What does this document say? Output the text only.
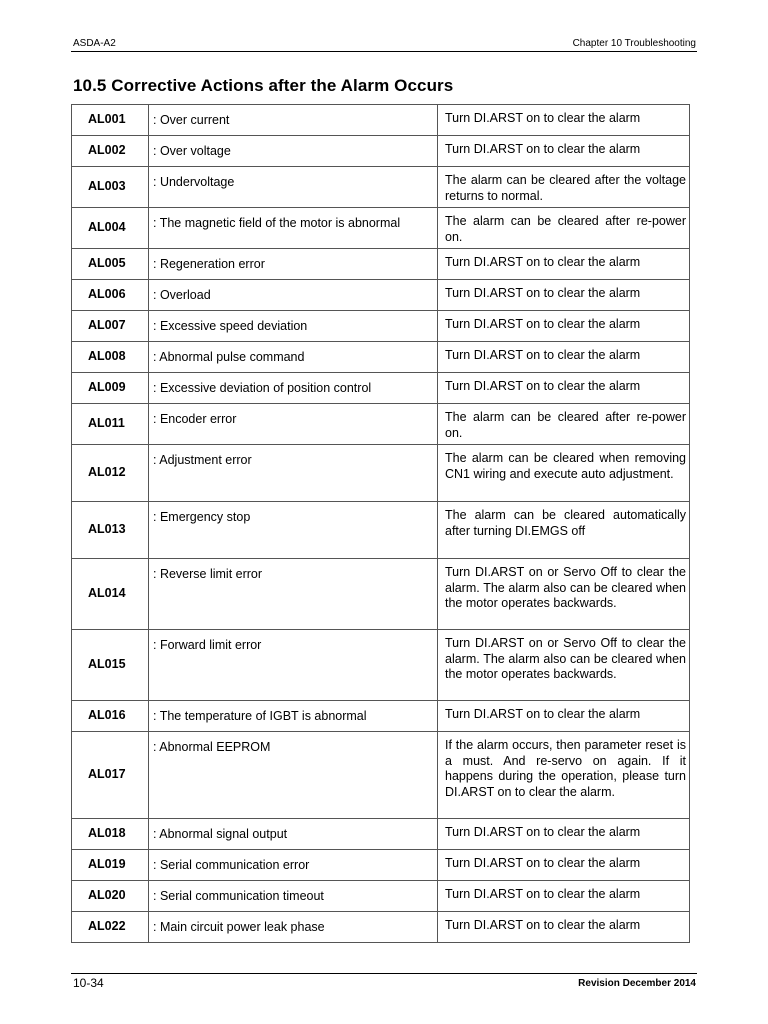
ASDA-A2	Chapter 10 Troubleshooting
10.5 Corrective Actions after the Alarm Occurs
AL001	: Over current	Turn DI.ARST on to clear the alarm
AL002	: Over voltage	Turn DI.ARST on to clear the alarm
AL003	: Undervoltage	The alarm can be cleared after the voltage returns to normal.
AL004	: The magnetic field of the motor is abnormal	The alarm can be cleared after re-power on.
AL005	: Regeneration error	Turn DI.ARST on to clear the alarm
AL006	: Overload	Turn DI.ARST on to clear the alarm
AL007	: Excessive speed deviation	Turn DI.ARST on to clear the alarm
AL008	: Abnormal pulse command	Turn DI.ARST on to clear the alarm
AL009	: Excessive deviation of position control	Turn DI.ARST on to clear the alarm
AL011	: Encoder error	The alarm can be cleared after re-power on.
AL012	: Adjustment error	The alarm can be cleared when removing CN1 wiring and execute auto adjustment.
AL013	: Emergency stop	The alarm can be cleared automatically after turning DI.EMGS off
AL014	: Reverse limit error	Turn DI.ARST on or Servo Off to clear the alarm. The alarm also can be cleared when the motor operates backwards.
AL015	: Forward limit error	Turn DI.ARST on or Servo Off to clear the alarm. The alarm also can be cleared when the motor operates backwards.
AL016	: The temperature of IGBT is abnormal	Turn DI.ARST on to clear the alarm
AL017	: Abnormal EEPROM	If the alarm occurs, then parameter reset is a must. And re-servo on again. If it happens during the operation, please turn DI.ARST on to clear the alarm.
AL018	: Abnormal signal output	Turn DI.ARST on to clear the alarm
AL019	: Serial communication error	Turn DI.ARST on to clear the alarm
AL020	: Serial communication timeout	Turn DI.ARST on to clear the alarm
AL022	: Main circuit power leak phase	Turn DI.ARST on to clear the alarm
10-34	Revision December 2014
